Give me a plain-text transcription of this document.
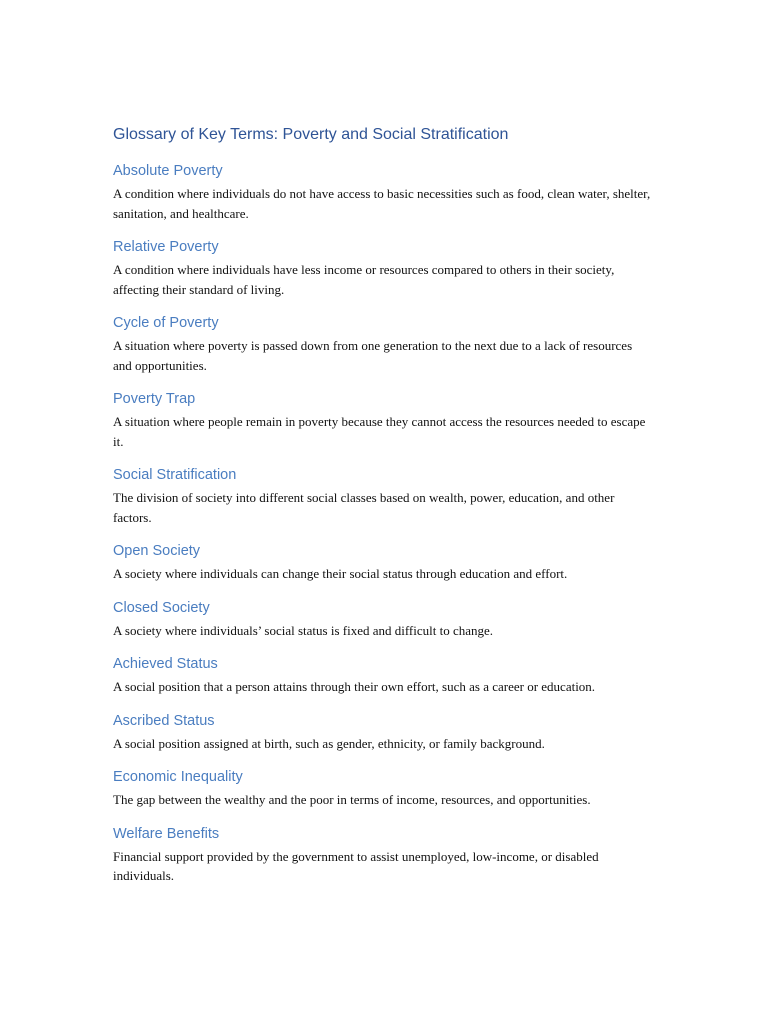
Glossary of Key Terms: Poverty and Social Stratification
Absolute Poverty

A condition where individuals do not have access to basic necessities such as food, clean water, shelter, sanitation, and healthcare.

Relative Poverty

A condition where individuals have less income or resources compared to others in their society, affecting their standard of living.

Cycle of Poverty

A situation where poverty is passed down from one generation to the next due to a lack of resources and opportunities.

Poverty Trap

A situation where people remain in poverty because they cannot access the resources needed to escape it.

Social Stratification

The division of society into different social classes based on wealth, power, education, and other factors.

Open Society

A society where individuals can change their social status through education and effort.

Closed Society

A society where individuals’ social status is fixed and difficult to change.

Achieved Status

A social position that a person attains through their own effort, such as a career or education.

Ascribed Status

A social position assigned at birth, such as gender, ethnicity, or family background.

Economic Inequality

The gap between the wealthy and the poor in terms of income, resources, and opportunities.

Welfare Benefits

Financial support provided by the government to assist unemployed, low-income, or disabled individuals.
